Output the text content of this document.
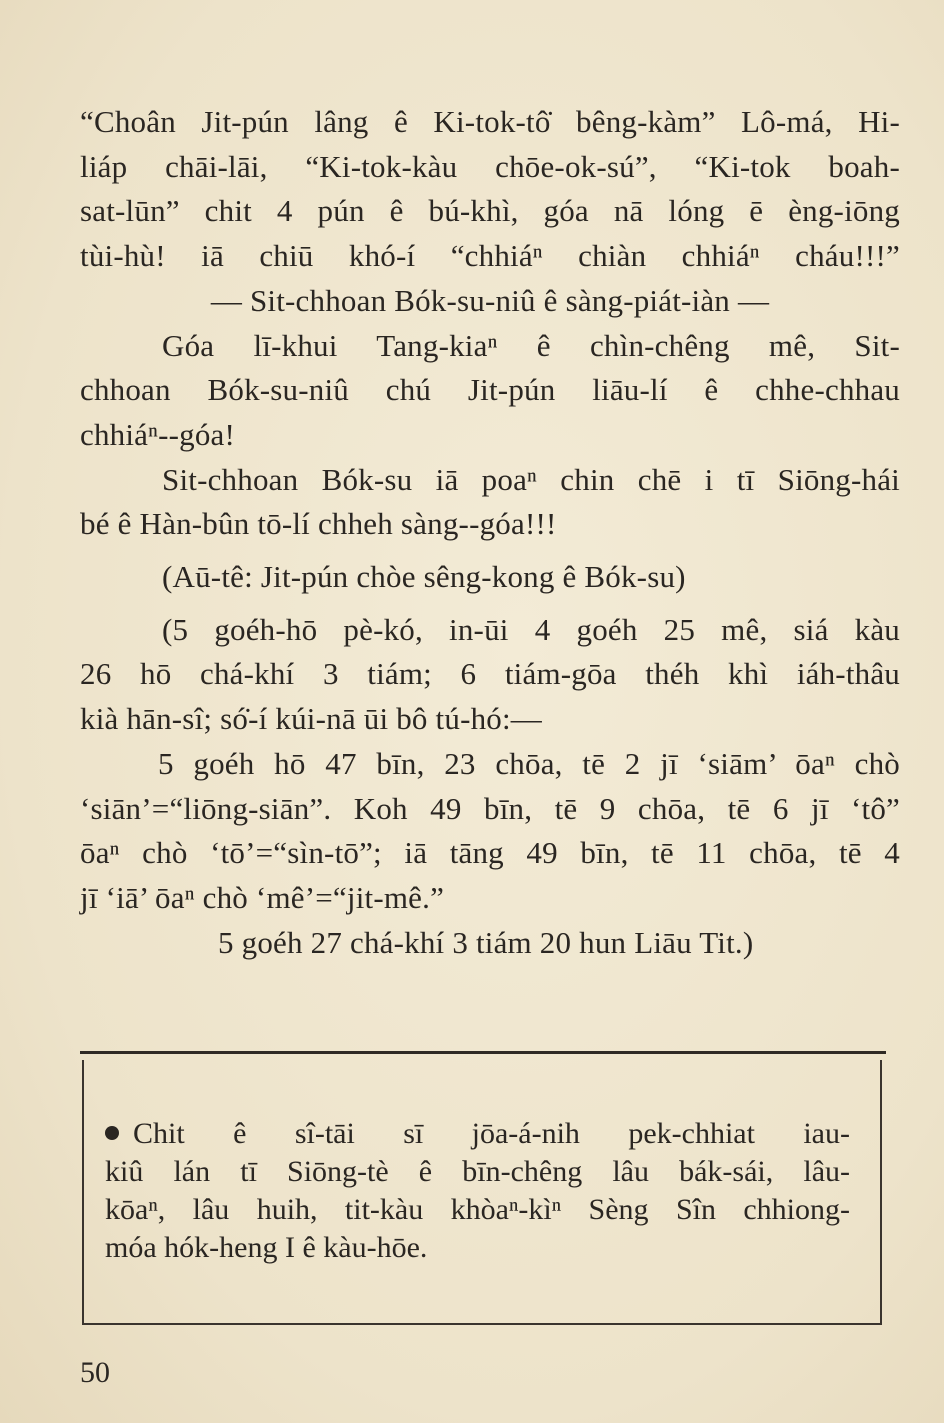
“Choân Jit-pún lâng ê Ki-tok-tô̇ bêng-kàm” Lô-má, Hi-
liáp chāi-lāi, “Ki-tok-kàu chōe-ok-sú”, “Ki-tok boah-
sat-lūn” chit 4 pún ê bú-khì, góa nā lóng ē èng-iōng
tùi-hù! iā chiū khó-í “chhiáⁿ chiàn chhiáⁿ cháu!!!”
— Sit-chhoan Bók-su-niû ê sàng-piát-iàn —
Góa lī-khui Tang-kiaⁿ ê chìn-chêng mê, Sit-
chhoan Bók-su-niû chú Jit-pún liāu-lí ê chhe-chhau
chhiáⁿ--góa!
Sit-chhoan Bók-su iā poaⁿ chin chē i tī Siōng-hái
bé ê Hàn-bûn tō-lí chheh sàng--góa!!!
(Aū-tê: Jit-pún chòe sêng-kong ê Bók-su)
(5 goéh-hō pè-kó, in-ūi 4 goéh 25 mê, siá kàu
26 hō chá-khí 3 tiám; 6 tiám-gōa théh khì iáh-thâu
kià hān-sî; só̇-í kúi-nā ūi bô tú-hó:—
5 goéh hō 47 bīn, 23 chōa, tē 2 jī ‘siām’ ōaⁿ chò
‘siān’=“liōng-siān”. Koh 49 bīn, tē 9 chōa, tē 6 jī ‘tô”
ōaⁿ chò ‘tō’=“sìn-tō”; iā tāng 49 bīn, tē 11 chōa, tē 4
jī ‘iā’ ōaⁿ chò ‘mê’=“jit-mê.”
5 goéh 27 chá-khí 3 tiám 20 hun Liāu Tit.)
Chit ê sî-tāi sī jōa-á-nih pek-chhiat iau-
kiû lán tī Siōng-tè ê bīn-chêng lâu bák-sái, lâu-
kōaⁿ, lâu huih, tit-kàu khòaⁿ-kìⁿ Sèng Sîn chhiong-
móa hók-heng I ê kàu-hōe.
50
